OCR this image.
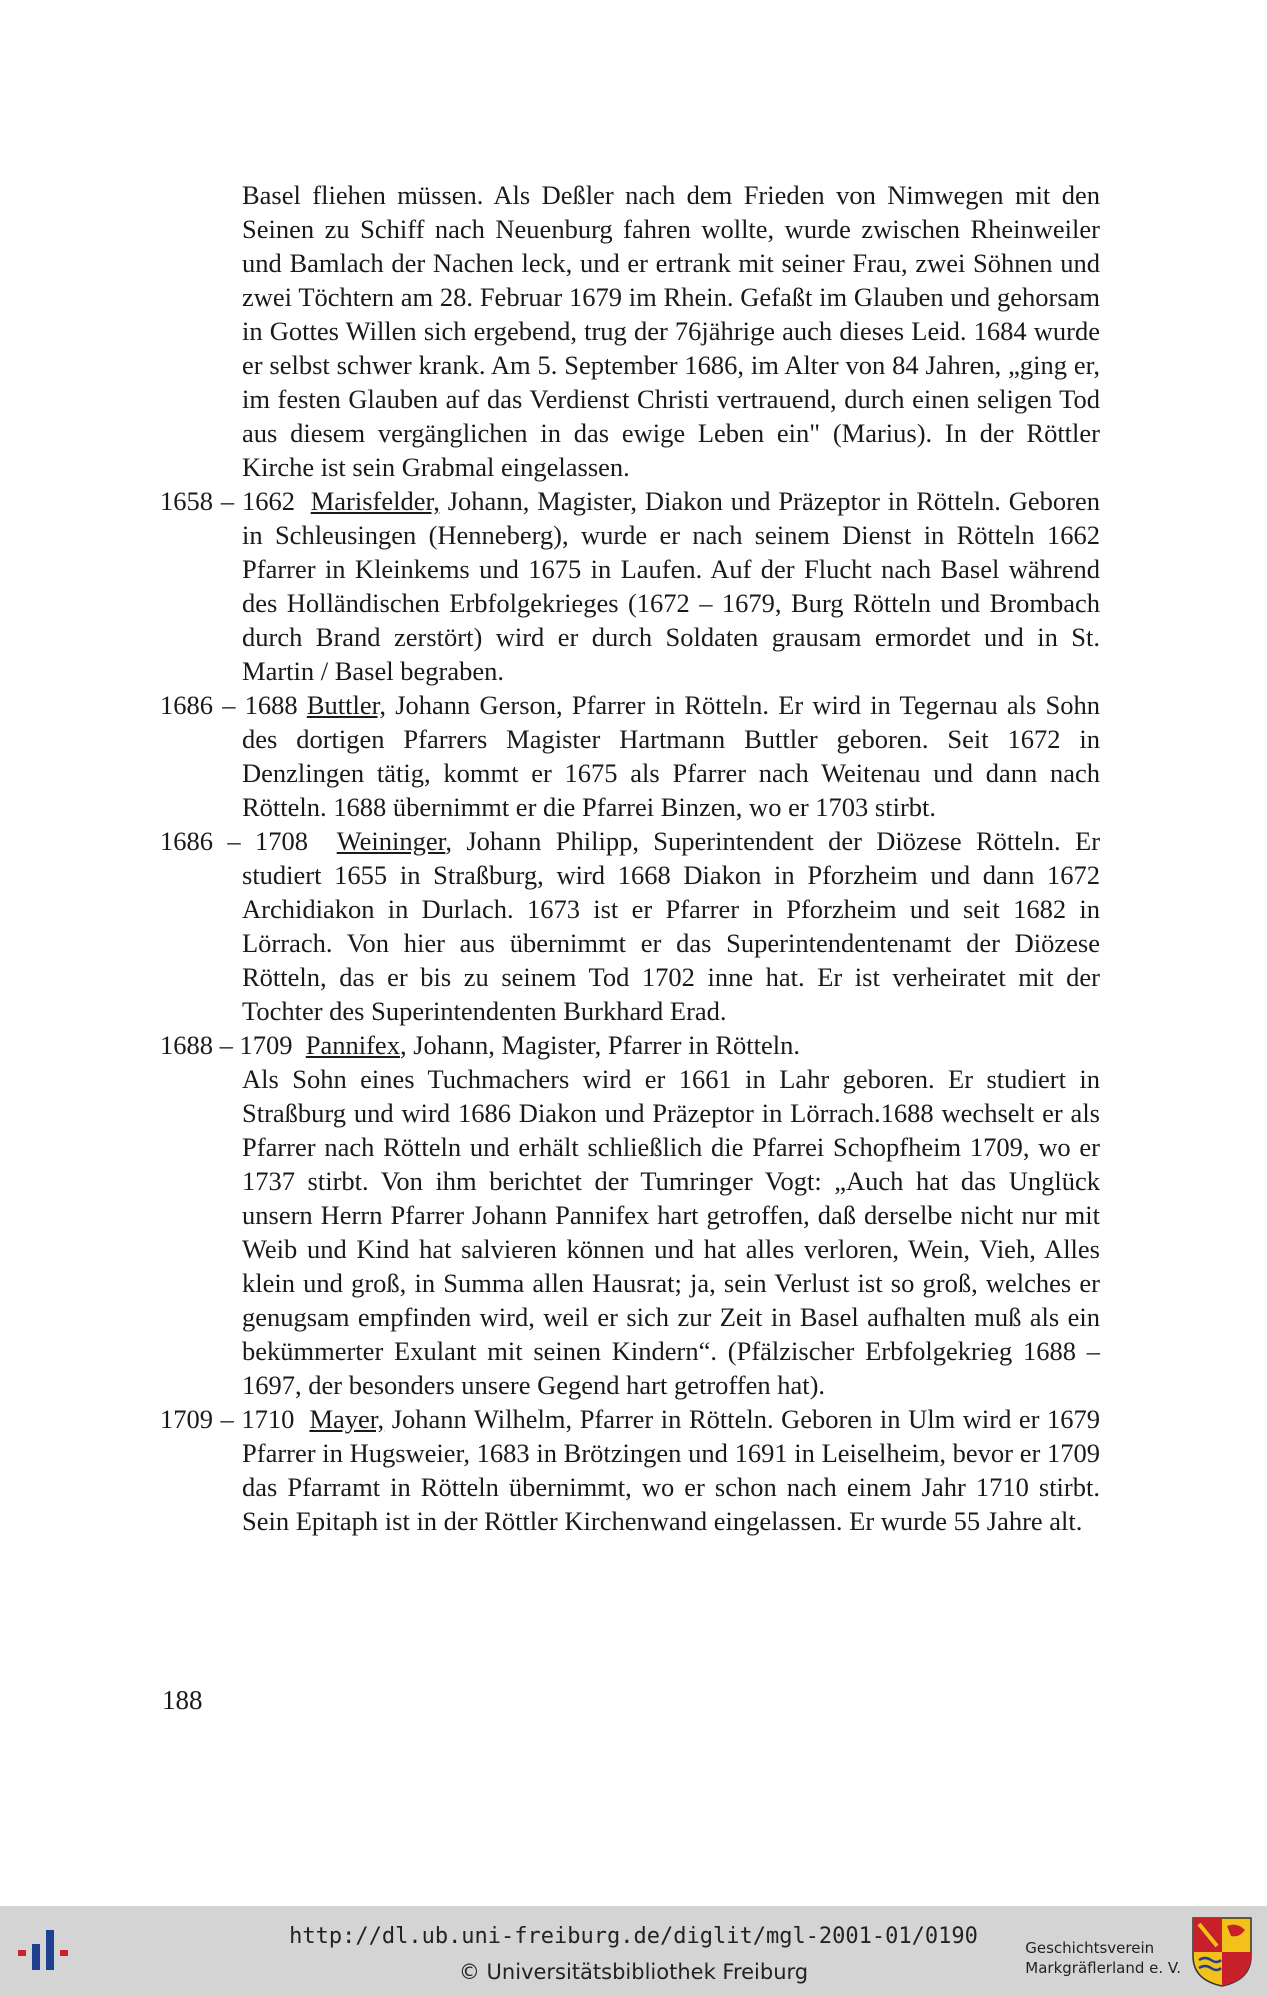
Basel fliehen müssen. Als Deßler nach dem Frieden von Nimwegen mit den Seinen zu Schiff nach Neuenburg fahren wollte, wurde zwischen Rheinweiler und Bamlach der Nachen leck, und er ertrank mit seiner Frau, zwei Söhnen und zwei Töchtern am 28. Februar 1679 im Rhein. Gefaßt im Glauben und gehorsam in Gottes Willen sich ergebend, trug der 76jährige auch dieses Leid. 1684 wurde er selbst schwer krank. Am 5. September 1686, im Alter von 84 Jahren, „ging er, im festen Glauben auf das Verdienst Christi vertrauend, durch einen seligen Tod aus diesem vergänglichen in das ewige Leben ein" (Marius). In der Röttler Kirche ist sein Grabmal eingelassen.
1658 – 1662 Marisfelder, Johann, Magister, Diakon und Präzeptor in Rötteln. Geboren in Schleusingen (Henneberg), wurde er nach seinem Dienst in Rötteln 1662 Pfarrer in Kleinkems und 1675 in Laufen. Auf der Flucht nach Basel während des Holländischen Erbfolgekrieges (1672 – 1679, Burg Rötteln und Brombach durch Brand zerstört) wird er durch Soldaten grausam ermordet und in St. Martin / Basel begraben.
1686 – 1688 Buttler, Johann Gerson, Pfarrer in Rötteln. Er wird in Tegernau als Sohn des dortigen Pfarrers Magister Hartmann Buttler geboren. Seit 1672 in Denzlingen tätig, kommt er 1675 als Pfarrer nach Weitenau und dann nach Rötteln. 1688 übernimmt er die Pfarrei Binzen, wo er 1703 stirbt.
1686 – 1708 Weininger, Johann Philipp, Superintendent der Diözese Rötteln. Er studiert 1655 in Straßburg, wird 1668 Diakon in Pforzheim und dann 1672 Archidiakon in Durlach. 1673 ist er Pfarrer in Pforzheim und seit 1682 in Lörrach. Von hier aus übernimmt er das Superintendentenamt der Diözese Rötteln, das er bis zu seinem Tod 1702 inne hat. Er ist verheiratet mit der Tochter des Superintendenten Burkhard Erad.
1688 – 1709 Pannifex, Johann, Magister, Pfarrer in Rötteln.
Als Sohn eines Tuchmachers wird er 1661 in Lahr geboren. Er studiert in Straßburg und wird 1686 Diakon und Präzeptor in Lörrach.1688 wechselt er als Pfarrer nach Rötteln und erhält schließlich die Pfarrei Schopfheim 1709, wo er 1737 stirbt. Von ihm berichtet der Tumringer Vogt: „Auch hat das Unglück unsern Herrn Pfarrer Johann Pannifex hart getroffen, daß derselbe nicht nur mit Weib und Kind hat salvieren können und hat alles verloren, Wein, Vieh, Alles klein und groß, in Summa allen Hausrat; ja, sein Verlust ist so groß, welches er genugsam empfinden wird, weil er sich zur Zeit in Basel aufhalten muß als ein bekümmerter Exulant mit seinen Kindern“. (Pfälzischer Erbfolgekrieg 1688 – 1697, der besonders unsere Gegend hart getroffen hat).
1709 – 1710 Mayer, Johann Wilhelm, Pfarrer in Rötteln. Geboren in Ulm wird er 1679 Pfarrer in Hugsweier, 1683 in Brötzingen und 1691 in Leiselheim, bevor er 1709 das Pfarramt in Rötteln übernimmt, wo er schon nach einem Jahr 1710 stirbt. Sein Epitaph ist in der Röttler Kirchenwand eingelassen. Er wurde 55 Jahre alt.
188
http://dl.ub.uni-freiburg.de/diglit/mgl-2001-01/0190
© Universitätsbibliothek Freiburg
Geschichtsverein
Markgräflerland e. V.
